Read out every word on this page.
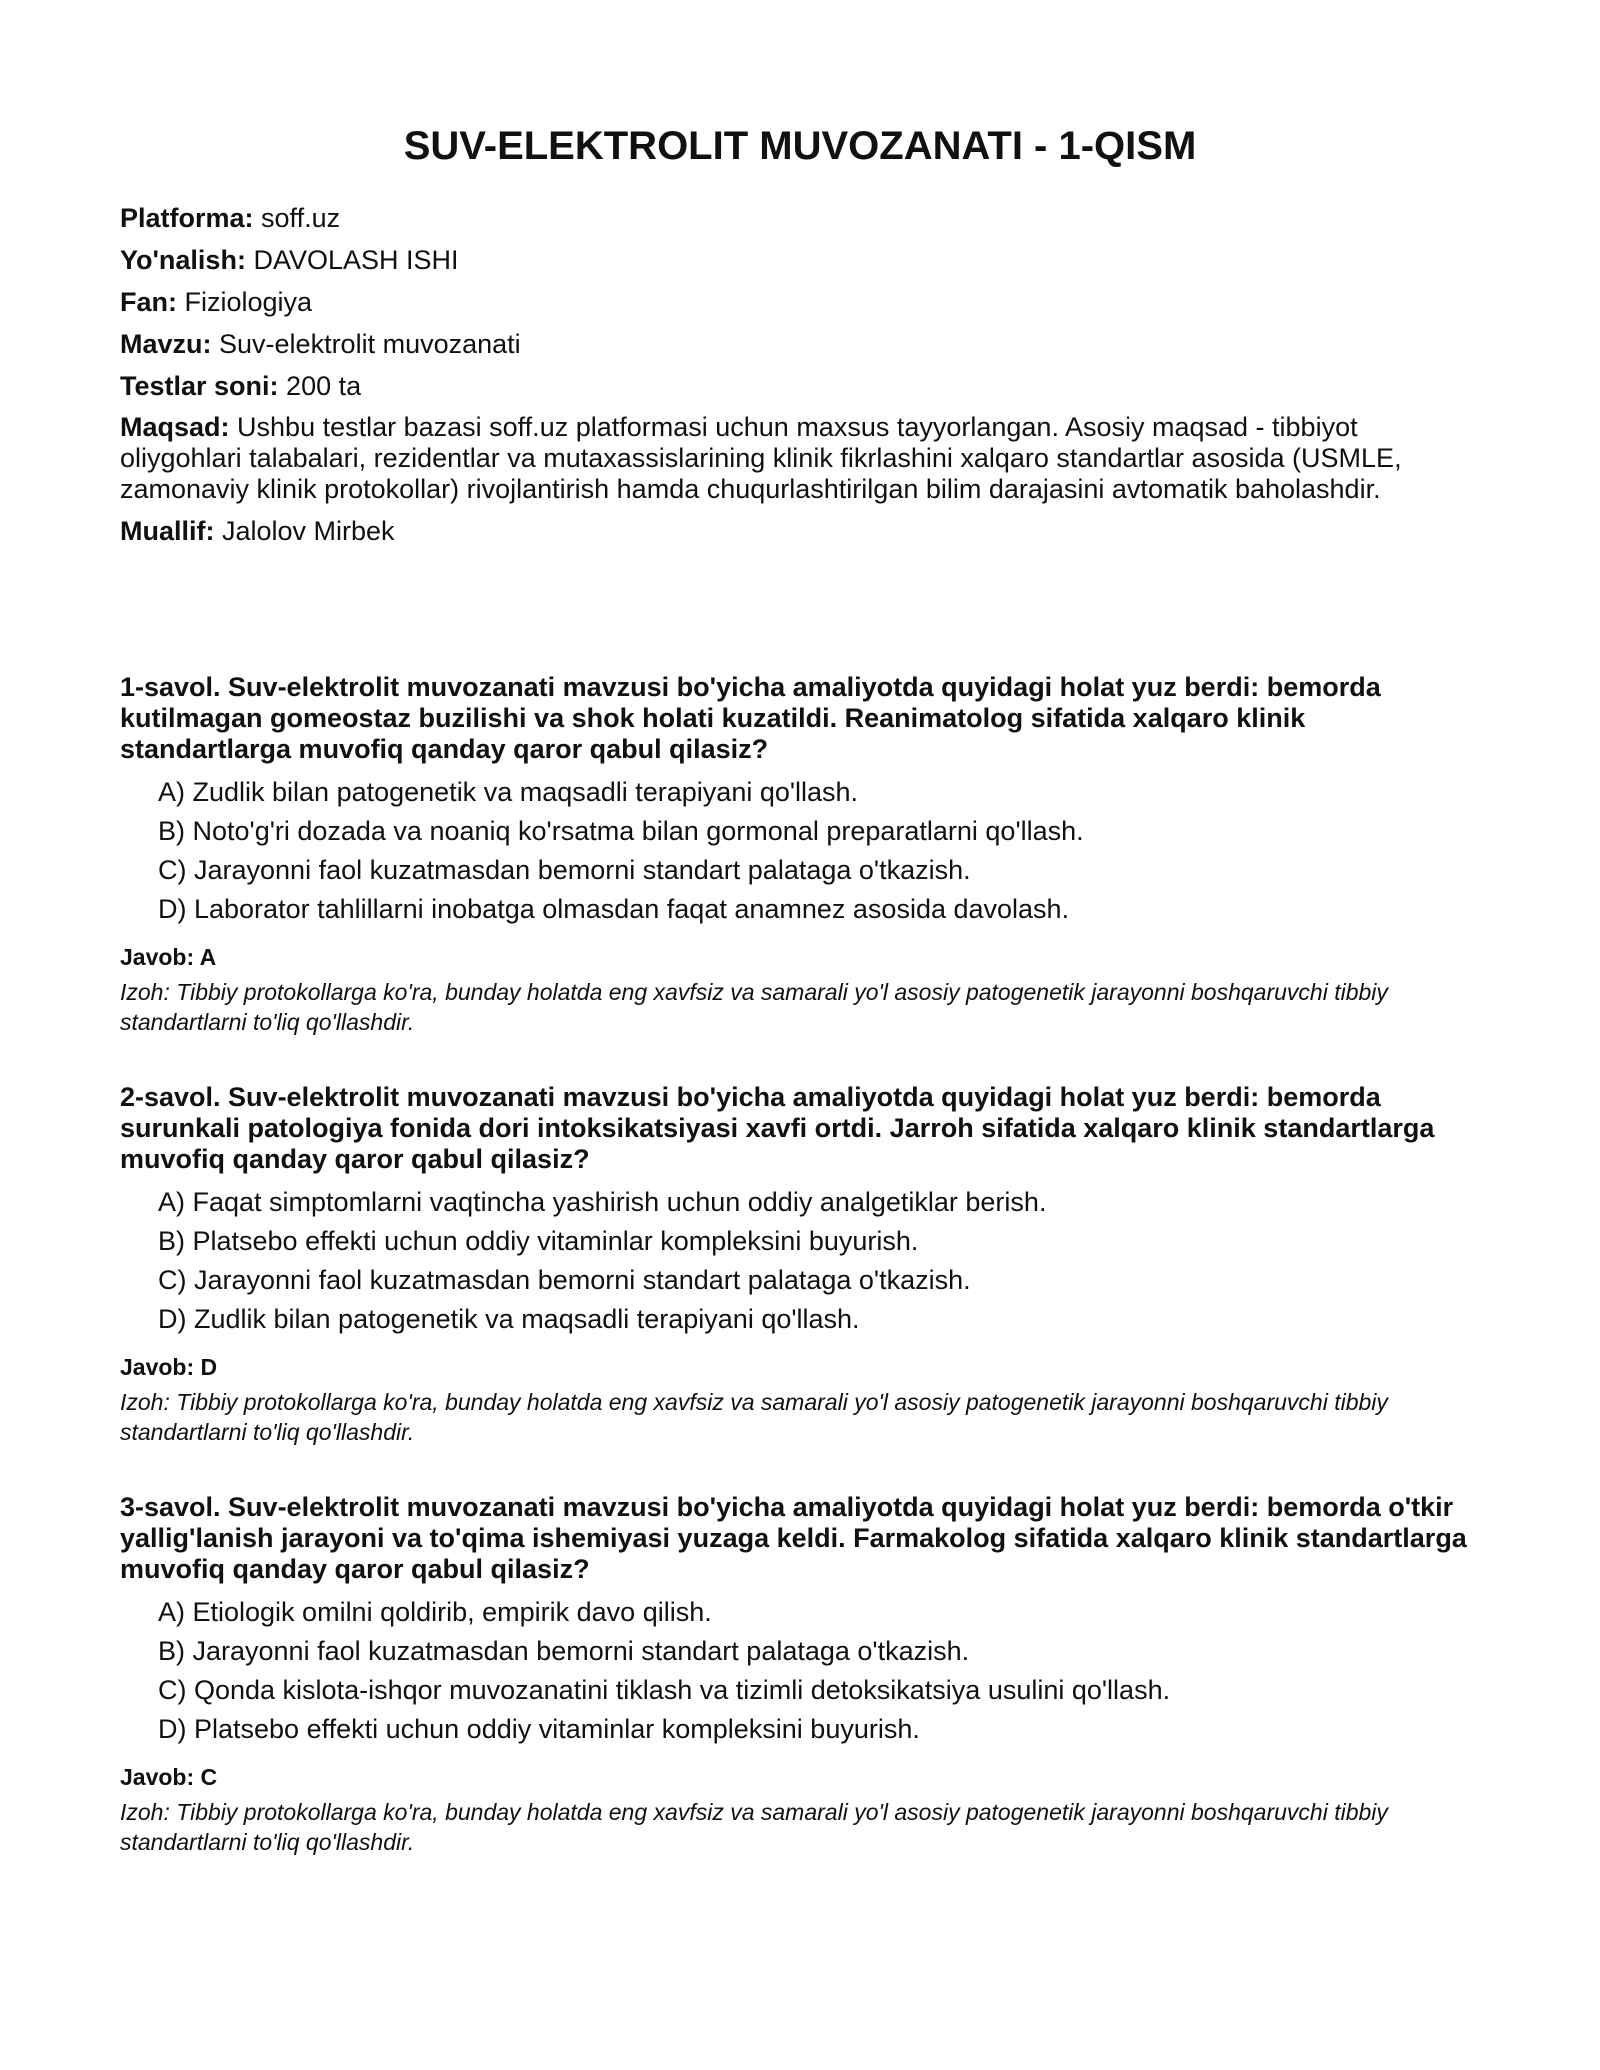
SUV-ELEKTROLIT MUVOZANATI - 1-QISM

Platforma: soff.uz

Yo'nalish: DAVOLASH ISHI

Fan: Fiziologiya

Mavzu: Suv-elektrolit muvozanati

Testlar soni: 200 ta

Maqsad: Ushbu testlar bazasi soff.uz platformasi uchun maxsus tayyorlangan. Asosiy maqsad - tibbiyot oliygohlari talabalari, rezidentlar va mutaxassislarining klinik fikrlashini xalqaro standartlar asosida (USMLE, zamonaviy klinik protokollar) rivojlantirish hamda chuqurlashtirilgan bilim darajasini avtomatik baholashdir.

Muallif: Jalolov Mirbek

1-savol. Suv-elektrolit muvozanati mavzusi bo'yicha amaliyotda quyidagi holat yuz berdi: bemorda kutilmagan gomeostaz buzilishi va shok holati kuzatildi. Reanimatolog sifatida xalqaro klinik standartlarga muvofiq qanday qaror qabul qilasiz?

A) Zudlik bilan patogenetik va maqsadli terapiyani qo'llash.
B) Noto'g'ri dozada va noaniq ko'rsatma bilan gormonal preparatlarni qo'llash.
C) Jarayonni faol kuzatmasdan bemorni standart palataga o'tkazish.
D) Laborator tahlillarni inobatga olmasdan faqat anamnez asosida davolash.

Javob: A

Izoh: Tibbiy protokollarga ko'ra, bunday holatda eng xavfsiz va samarali yo'l asosiy patogenetik jarayonni boshqaruvchi tibbiy standartlarni to'liq qo'llashdir.

2-savol. Suv-elektrolit muvozanati mavzusi bo'yicha amaliyotda quyidagi holat yuz berdi: bemorda surunkali patologiya fonida dori intoksikatsiyasi xavfi ortdi. Jarroh sifatida xalqaro klinik standartlarga muvofiq qanday qaror qabul qilasiz?

A) Faqat simptomlarni vaqtincha yashirish uchun oddiy analgetiklar berish.
B) Platsebo effekti uchun oddiy vitaminlar kompleksini buyurish.
C) Jarayonni faol kuzatmasdan bemorni standart palataga o'tkazish.
D) Zudlik bilan patogenetik va maqsadli terapiyani qo'llash.

Javob: D

Izoh: Tibbiy protokollarga ko'ra, bunday holatda eng xavfsiz va samarali yo'l asosiy patogenetik jarayonni boshqaruvchi tibbiy standartlarni to'liq qo'llashdir.

3-savol. Suv-elektrolit muvozanati mavzusi bo'yicha amaliyotda quyidagi holat yuz berdi: bemorda o'tkir yallig'lanish jarayoni va to'qima ishemiyasi yuzaga keldi. Farmakolog sifatida xalqaro klinik standartlarga muvofiq qanday qaror qabul qilasiz?

A) Etiologik omilni qoldirib, empirik davo qilish.
B) Jarayonni faol kuzatmasdan bemorni standart palataga o'tkazish.
C) Qonda kislota-ishqor muvozanatini tiklash va tizimli detoksikatsiya usulini qo'llash.
D) Platsebo effekti uchun oddiy vitaminlar kompleksini buyurish.

Javob: C

Izoh: Tibbiy protokollarga ko'ra, bunday holatda eng xavfsiz va samarali yo'l asosiy patogenetik jarayonni boshqaruvchi tibbiy standartlarni to'liq qo'llashdir.
